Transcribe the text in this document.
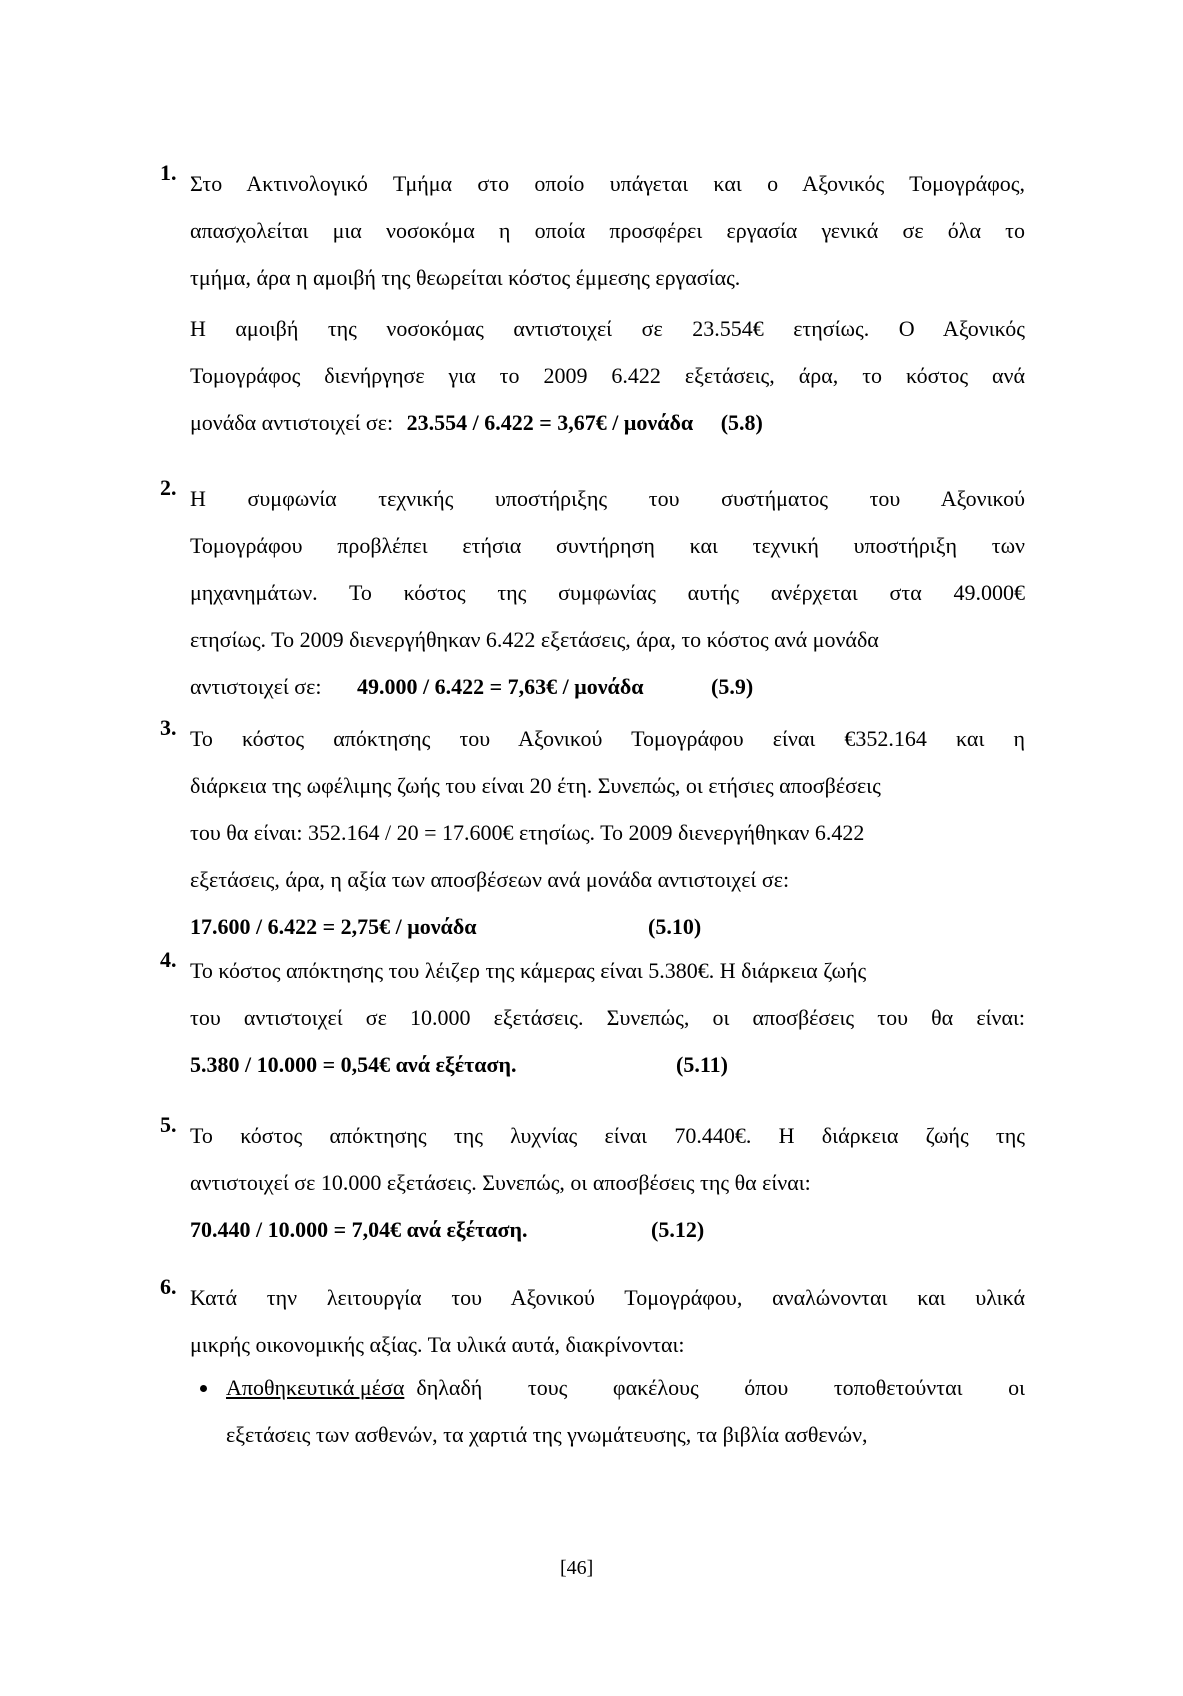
1. Στο Ακτινολογικό Τμήμα στο οποίο υπάγεται και ο Αξονικός Τομογράφος,
απασχολείται μια νοσοκόμα η οποία προσφέρει εργασία γενικά σε όλα το
τμήμα, άρα η αμοιβή της θεωρείται κόστος έμμεσης εργασίας.
Η αμοιβή της νοσοκόμας αντιστοιχεί σε 23.554€ ετησίως. Ο Αξονικός
Τομογράφος διενήργησε για το 2009 6.422 εξετάσεις, άρα, το κόστος ανά
μονάδα αντιστοιχεί σε: 23.554 / 6.422 = 3,67€ / μονάδα (5.8)
2. Η συμφωνία τεχνικής υποστήριξης του συστήματος του Αξονικού
Τομογράφου προβλέπει ετήσια συντήρηση και τεχνική υποστήριξη των
μηχανημάτων. Το κόστος της συμφωνίας αυτής ανέρχεται στα 49.000€
ετησίως. Το 2009 διενεργήθηκαν 6.422 εξετάσεις, άρα, το κόστος ανά μονάδα
αντιστοιχεί σε: 49.000 / 6.422 = 7,63€ / μονάδα	(5.9)
3. Το κόστος απόκτησης του Αξονικού Τομογράφου είναι €352.164 και η
διάρκεια της ωφέλιμης ζωής του είναι 20 έτη. Συνεπώς, οι ετήσιες αποσβέσεις
του θα είναι: 352.164 / 20 = 17.600€ ετησίως. Το 2009 διενεργήθηκαν 6.422
εξετάσεις, άρα, η αξία των αποσβέσεων ανά μονάδα αντιστοιχεί σε:
17.600 / 6.422 = 2,75€ / μονάδα	(5.10)
4. Το κόστος απόκτησης του λέιζερ της κάμερας είναι 5.380€. Η διάρκεια ζωής
του αντιστοιχεί σε 10.000 εξετάσεις. Συνεπώς, οι αποσβέσεις του θα είναι:
5.380 / 10.000 = 0,54€ ανά εξέταση.	(5.11)
5. Το κόστος απόκτησης της λυχνίας είναι 70.440€. Η διάρκεια ζωής της
αντιστοιχεί σε 10.000 εξετάσεις. Συνεπώς, οι αποσβέσεις της θα είναι:
70.440 / 10.000 = 7,04€ ανά εξέταση.	(5.12)
6. Κατά την λειτουργία του Αξονικού Τομογράφου, αναλώνονται και υλικά
μικρής οικονομικής αξίας. Τα υλικά αυτά, διακρίνονται:
Αποθηκευτικά μέσα δηλαδή τους φακέλους όπου τοποθετούνται οι
εξετάσεις των ασθενών, τα χαρτιά της γνωμάτευσης, τα βιβλία ασθενών,
[46]
